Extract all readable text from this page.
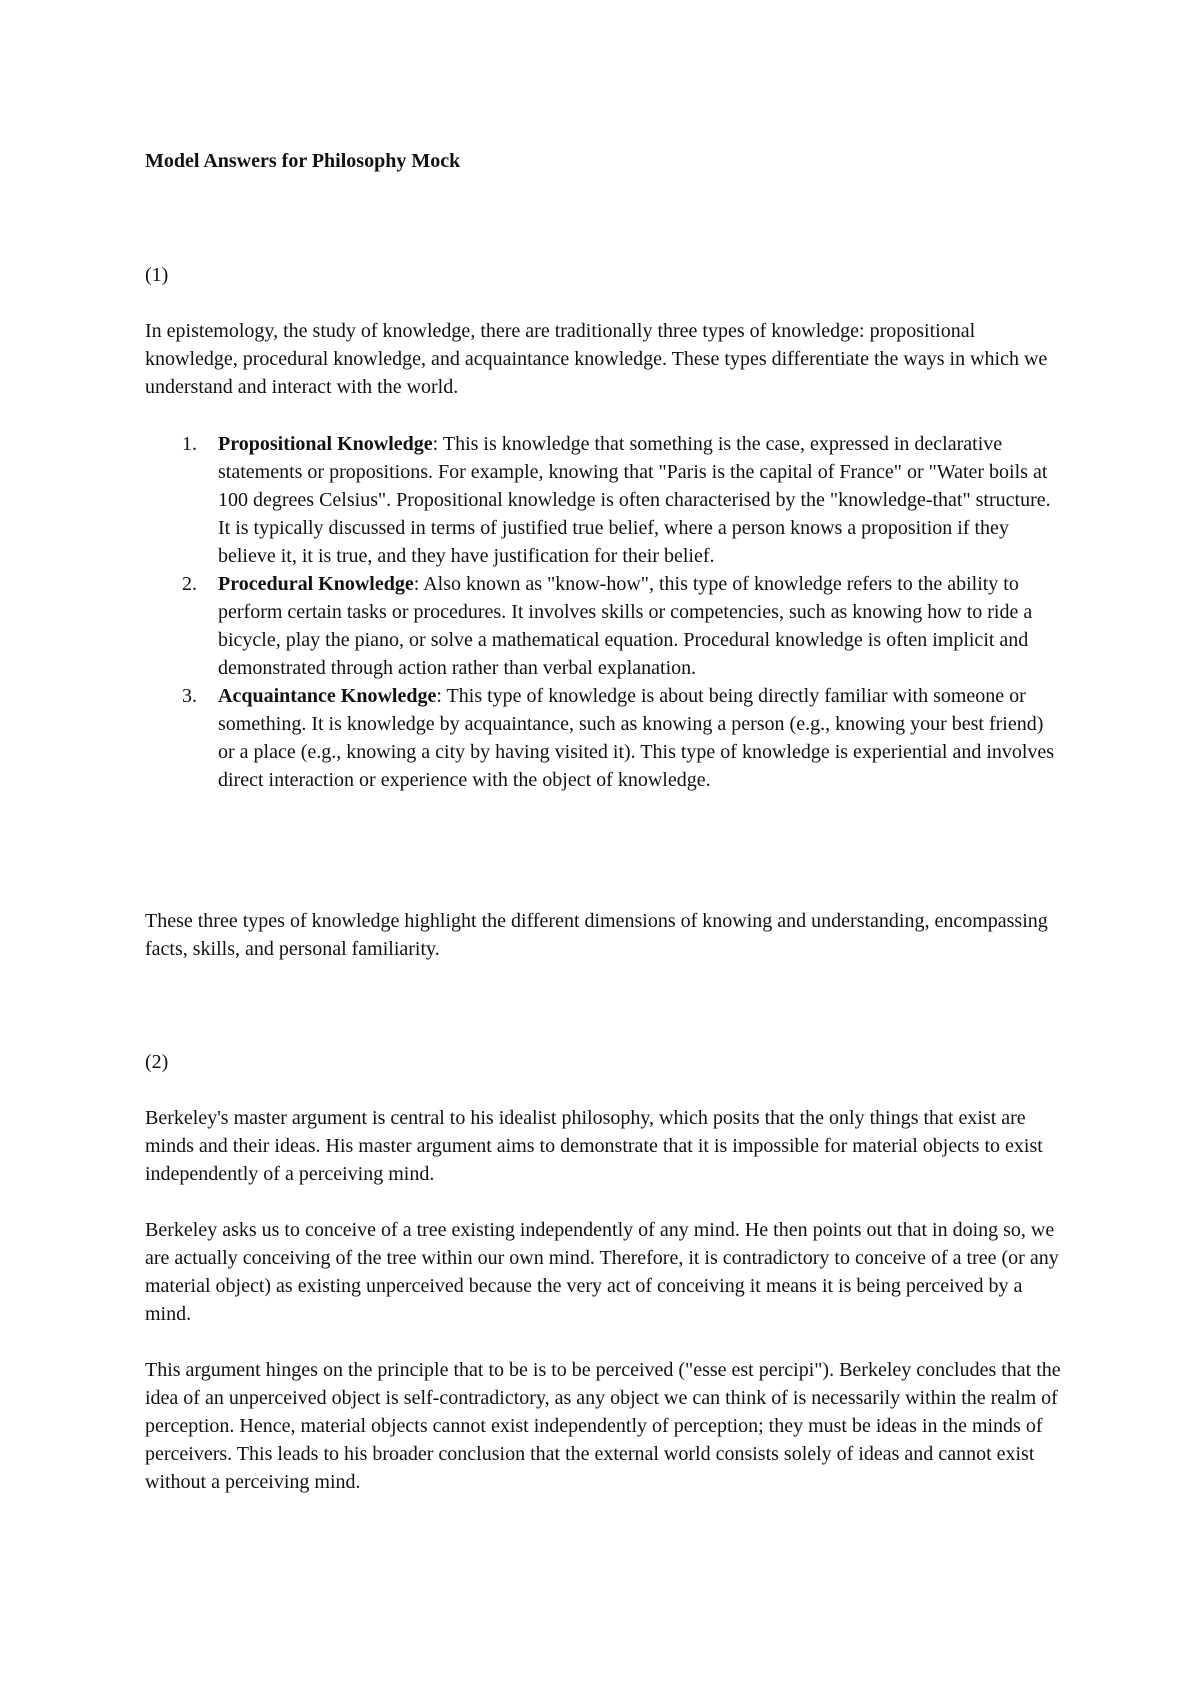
Model Answers for Philosophy Mock
(1)

In epistemology, the study of knowledge, there are traditionally three types of knowledge: propositional knowledge, procedural knowledge, and acquaintance knowledge. These types differentiate the ways in which we understand and interact with the world.

1. Propositional Knowledge: This is knowledge that something is the case, expressed in declarative statements or propositions. For example, knowing that "Paris is the capital of France" or "Water boils at 100 degrees Celsius". Propositional knowledge is often characterised by the "knowledge-that" structure. It is typically discussed in terms of justified true belief, where a person knows a proposition if they believe it, it is true, and they have justification for their belief.
2. Procedural Knowledge: Also known as "know-how", this type of knowledge refers to the ability to perform certain tasks or procedures. It involves skills or competencies, such as knowing how to ride a bicycle, play the piano, or solve a mathematical equation. Procedural knowledge is often implicit and demonstrated through action rather than verbal explanation.
3. Acquaintance Knowledge: This type of knowledge is about being directly familiar with someone or something. It is knowledge by acquaintance, such as knowing a person (e.g., knowing your best friend) or a place (e.g., knowing a city by having visited it). This type of knowledge is experiential and involves direct interaction or experience with the object of knowledge.

These three types of knowledge highlight the different dimensions of knowing and understanding, encompassing facts, skills, and personal familiarity.

(2)

Berkeley's master argument is central to his idealist philosophy, which posits that the only things that exist are minds and their ideas. His master argument aims to demonstrate that it is impossible for material objects to exist independently of a perceiving mind.

Berkeley asks us to conceive of a tree existing independently of any mind. He then points out that in doing so, we are actually conceiving of the tree within our own mind. Therefore, it is contradictory to conceive of a tree (or any material object) as existing unperceived because the very act of conceiving it means it is being perceived by a mind.

This argument hinges on the principle that to be is to be perceived ("esse est percipi"). Berkeley concludes that the idea of an unperceived object is self-contradictory, as any object we can think of is necessarily within the realm of perception. Hence, material objects cannot exist independently of perception; they must be ideas in the minds of perceivers. This leads to his broader conclusion that the external world consists solely of ideas and cannot exist without a perceiving mind.
